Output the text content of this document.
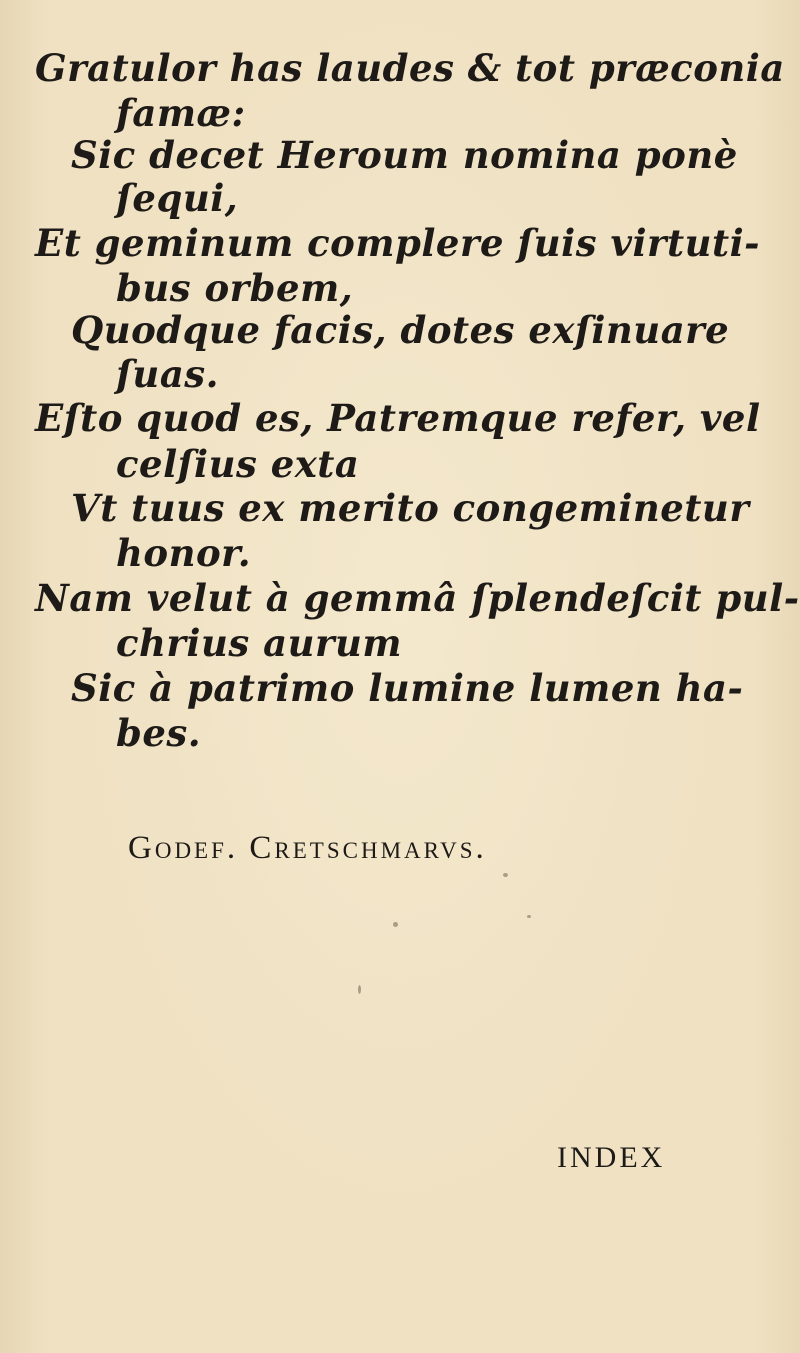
Gratulor has laudes & tot præconia
famæ:
Sic decet Heroum nomina ponè
ſequi,
Et geminum complere ſuis virtuti-
bus orbem,
Quodque facis, dotes exſinuare
ſuas.
Eſto quod es, Patremque refer, vel
celſius exta
Vt tuus ex merito congeminetur
honor.
Nam velut à gemmâ ſplendeſcit pul-
chrius aurum
Sic à patrimo lumine lumen ha-
bes.
Godef. Cretschmarvs.
INDEX
